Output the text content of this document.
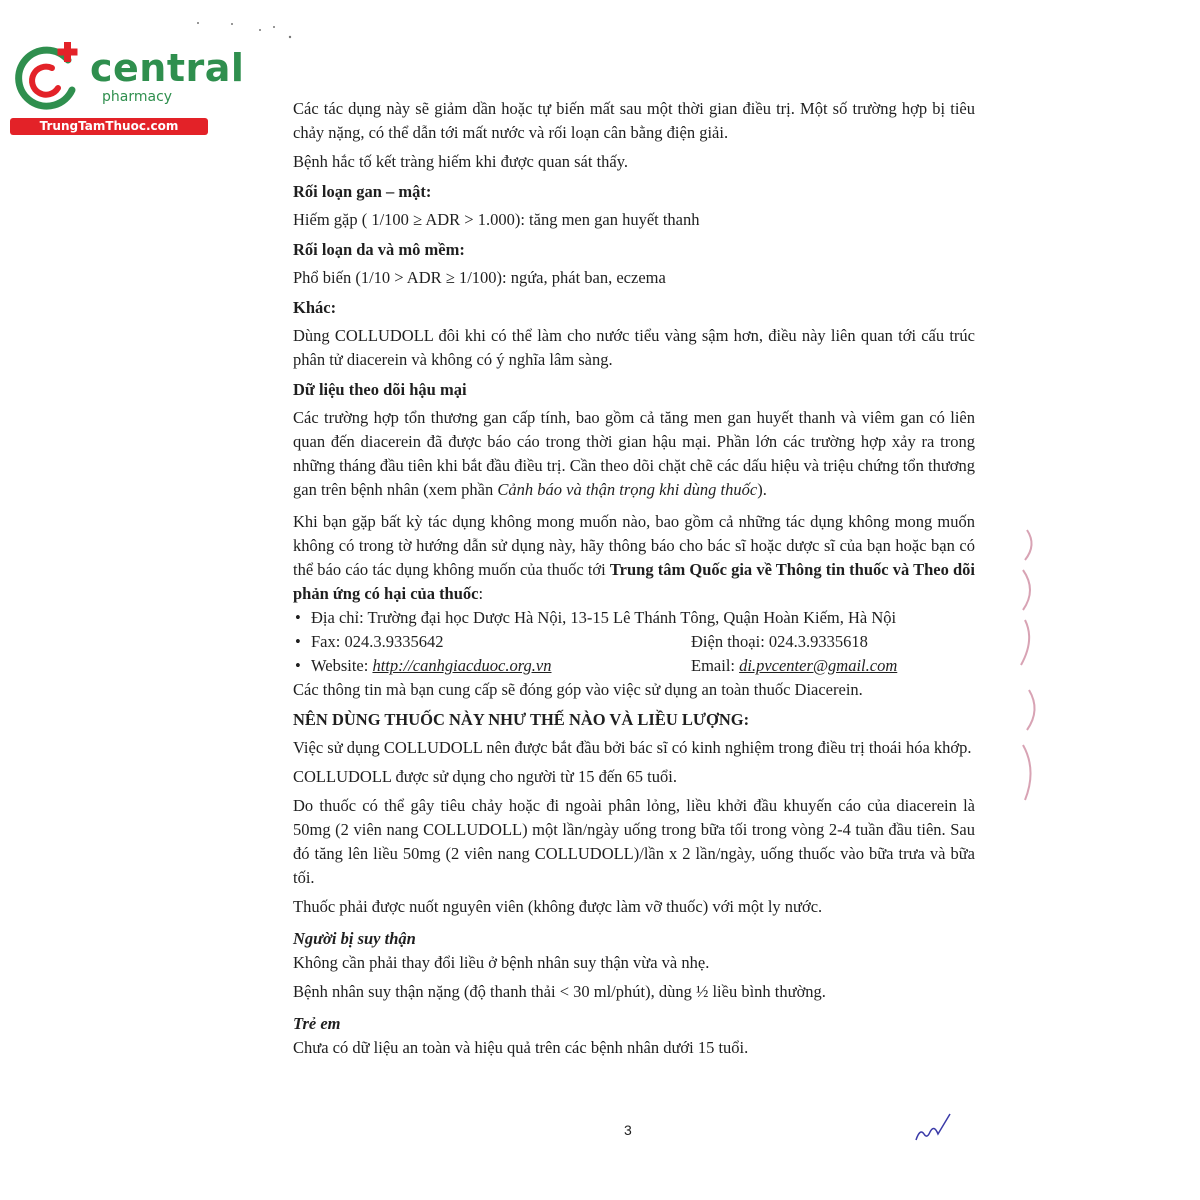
central
pharmacy
TrungTamThuoc.com

Các tác dụng này sẽ giảm dần hoặc tự biến mất sau một thời gian điều trị. Một số trường hợp bị tiêu chảy nặng, có thể dẫn tới mất nước và rối loạn cân bằng điện giải.

Bệnh hắc tố kết tràng hiếm khi được quan sát thấy.

Rối loạn gan – mật:

Hiếm gặp ( 1/100 ≥ ADR > 1.000): tăng men gan huyết thanh

Rối loạn da và mô mềm:

Phổ biến (1/10 > ADR ≥ 1/100): ngứa, phát ban, eczema

Khác:

Dùng COLLUDOLL đôi khi có thể làm cho nước tiểu vàng sậm hơn, điều này liên quan tới cấu trúc phân tử diacerein và không có ý nghĩa lâm sàng.

Dữ liệu theo dõi hậu mại

Các trường hợp tổn thương gan cấp tính, bao gồm cả tăng men gan huyết thanh và viêm gan có liên quan đến diacerein đã được báo cáo trong thời gian hậu mại. Phần lớn các trường hợp xảy ra trong những tháng đầu tiên khi bắt đầu điều trị. Cần theo dõi chặt chẽ các dấu hiệu và triệu chứng tổn thương gan trên bệnh nhân (xem phần Cảnh báo và thận trọng khi dùng thuốc).

Khi bạn gặp bất kỳ tác dụng không mong muốn nào, bao gồm cả những tác dụng không mong muốn không có trong tờ hướng dẫn sử dụng này, hãy thông báo cho bác sĩ hoặc dược sĩ của bạn hoặc bạn có thể báo cáo tác dụng không muốn của thuốc tới Trung tâm Quốc gia về Thông tin thuốc và Theo dõi phản ứng có hại của thuốc:

• Địa chỉ: Trường đại học Dược Hà Nội, 13-15 Lê Thánh Tông, Quận Hoàn Kiếm, Hà Nội
• Fax: 024.3.9335642	Điện thoại: 024.3.9335618
• Website: http://canhgiacduoc.org.vn	Email: di.pvcenter@gmail.com

Các thông tin mà bạn cung cấp sẽ đóng góp vào việc sử dụng an toàn thuốc Diacerein.

NÊN DÙNG THUỐC NÀY NHƯ THẾ NÀO VÀ LIỀU LƯỢNG:

Việc sử dụng COLLUDOLL nên được bắt đầu bởi bác sĩ có kinh nghiệm trong điều trị thoái hóa khớp.

COLLUDOLL được sử dụng cho người từ 15 đến 65 tuổi.

Do thuốc có thể gây tiêu chảy hoặc đi ngoài phân lỏng, liều khởi đầu khuyến cáo của diacerein là 50mg (2 viên nang COLLUDOLL) một lần/ngày uống trong bữa tối trong vòng 2-4 tuần đầu tiên. Sau đó tăng lên liều 50mg (2 viên nang COLLUDOLL)/lần x 2 lần/ngày, uống thuốc vào bữa trưa và bữa tối.

Thuốc phải được nuốt nguyên viên (không được làm vỡ thuốc) với một ly nước.

Người bị suy thận

Không cần phải thay đổi liều ở bệnh nhân suy thận vừa và nhẹ.

Bệnh nhân suy thận nặng (độ thanh thải < 30 ml/phút), dùng ½ liều bình thường.

Trẻ em

Chưa có dữ liệu an toàn và hiệu quả trên các bệnh nhân dưới 15 tuổi.

3
